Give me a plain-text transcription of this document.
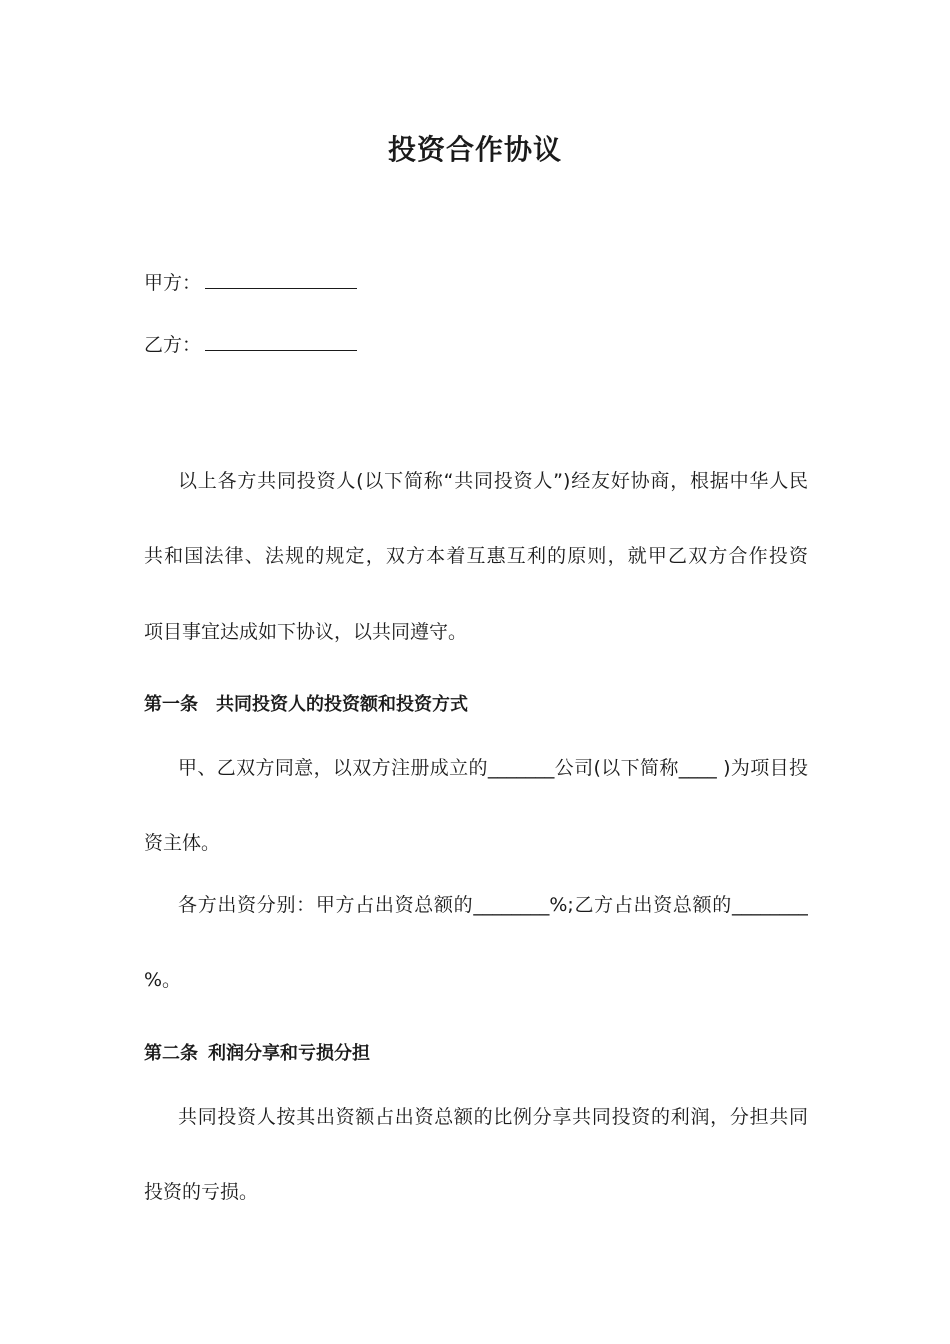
投资合作协议
甲方：
乙方：
以上各方共同投资人(以下简称“共同投资人”)经友好协商，根据中华人民
共和国法律、法规的规定，双方本着互惠互利的原则，就甲乙双方合作投资
项目事宜达成如下协议，以共同遵守。
第一条 共同投资人的投资额和投资方式
甲、乙双方同意，以双方注册成立的_______公司(以下简称____ )为项目投
资主体。
各方出资分别：甲方占出资总额的________%;乙方占出资总额的________
%。
第二条 利润分享和亏损分担
共同投资人按其出资额占出资总额的比例分享共同投资的利润，分担共同
投资的亏损。
